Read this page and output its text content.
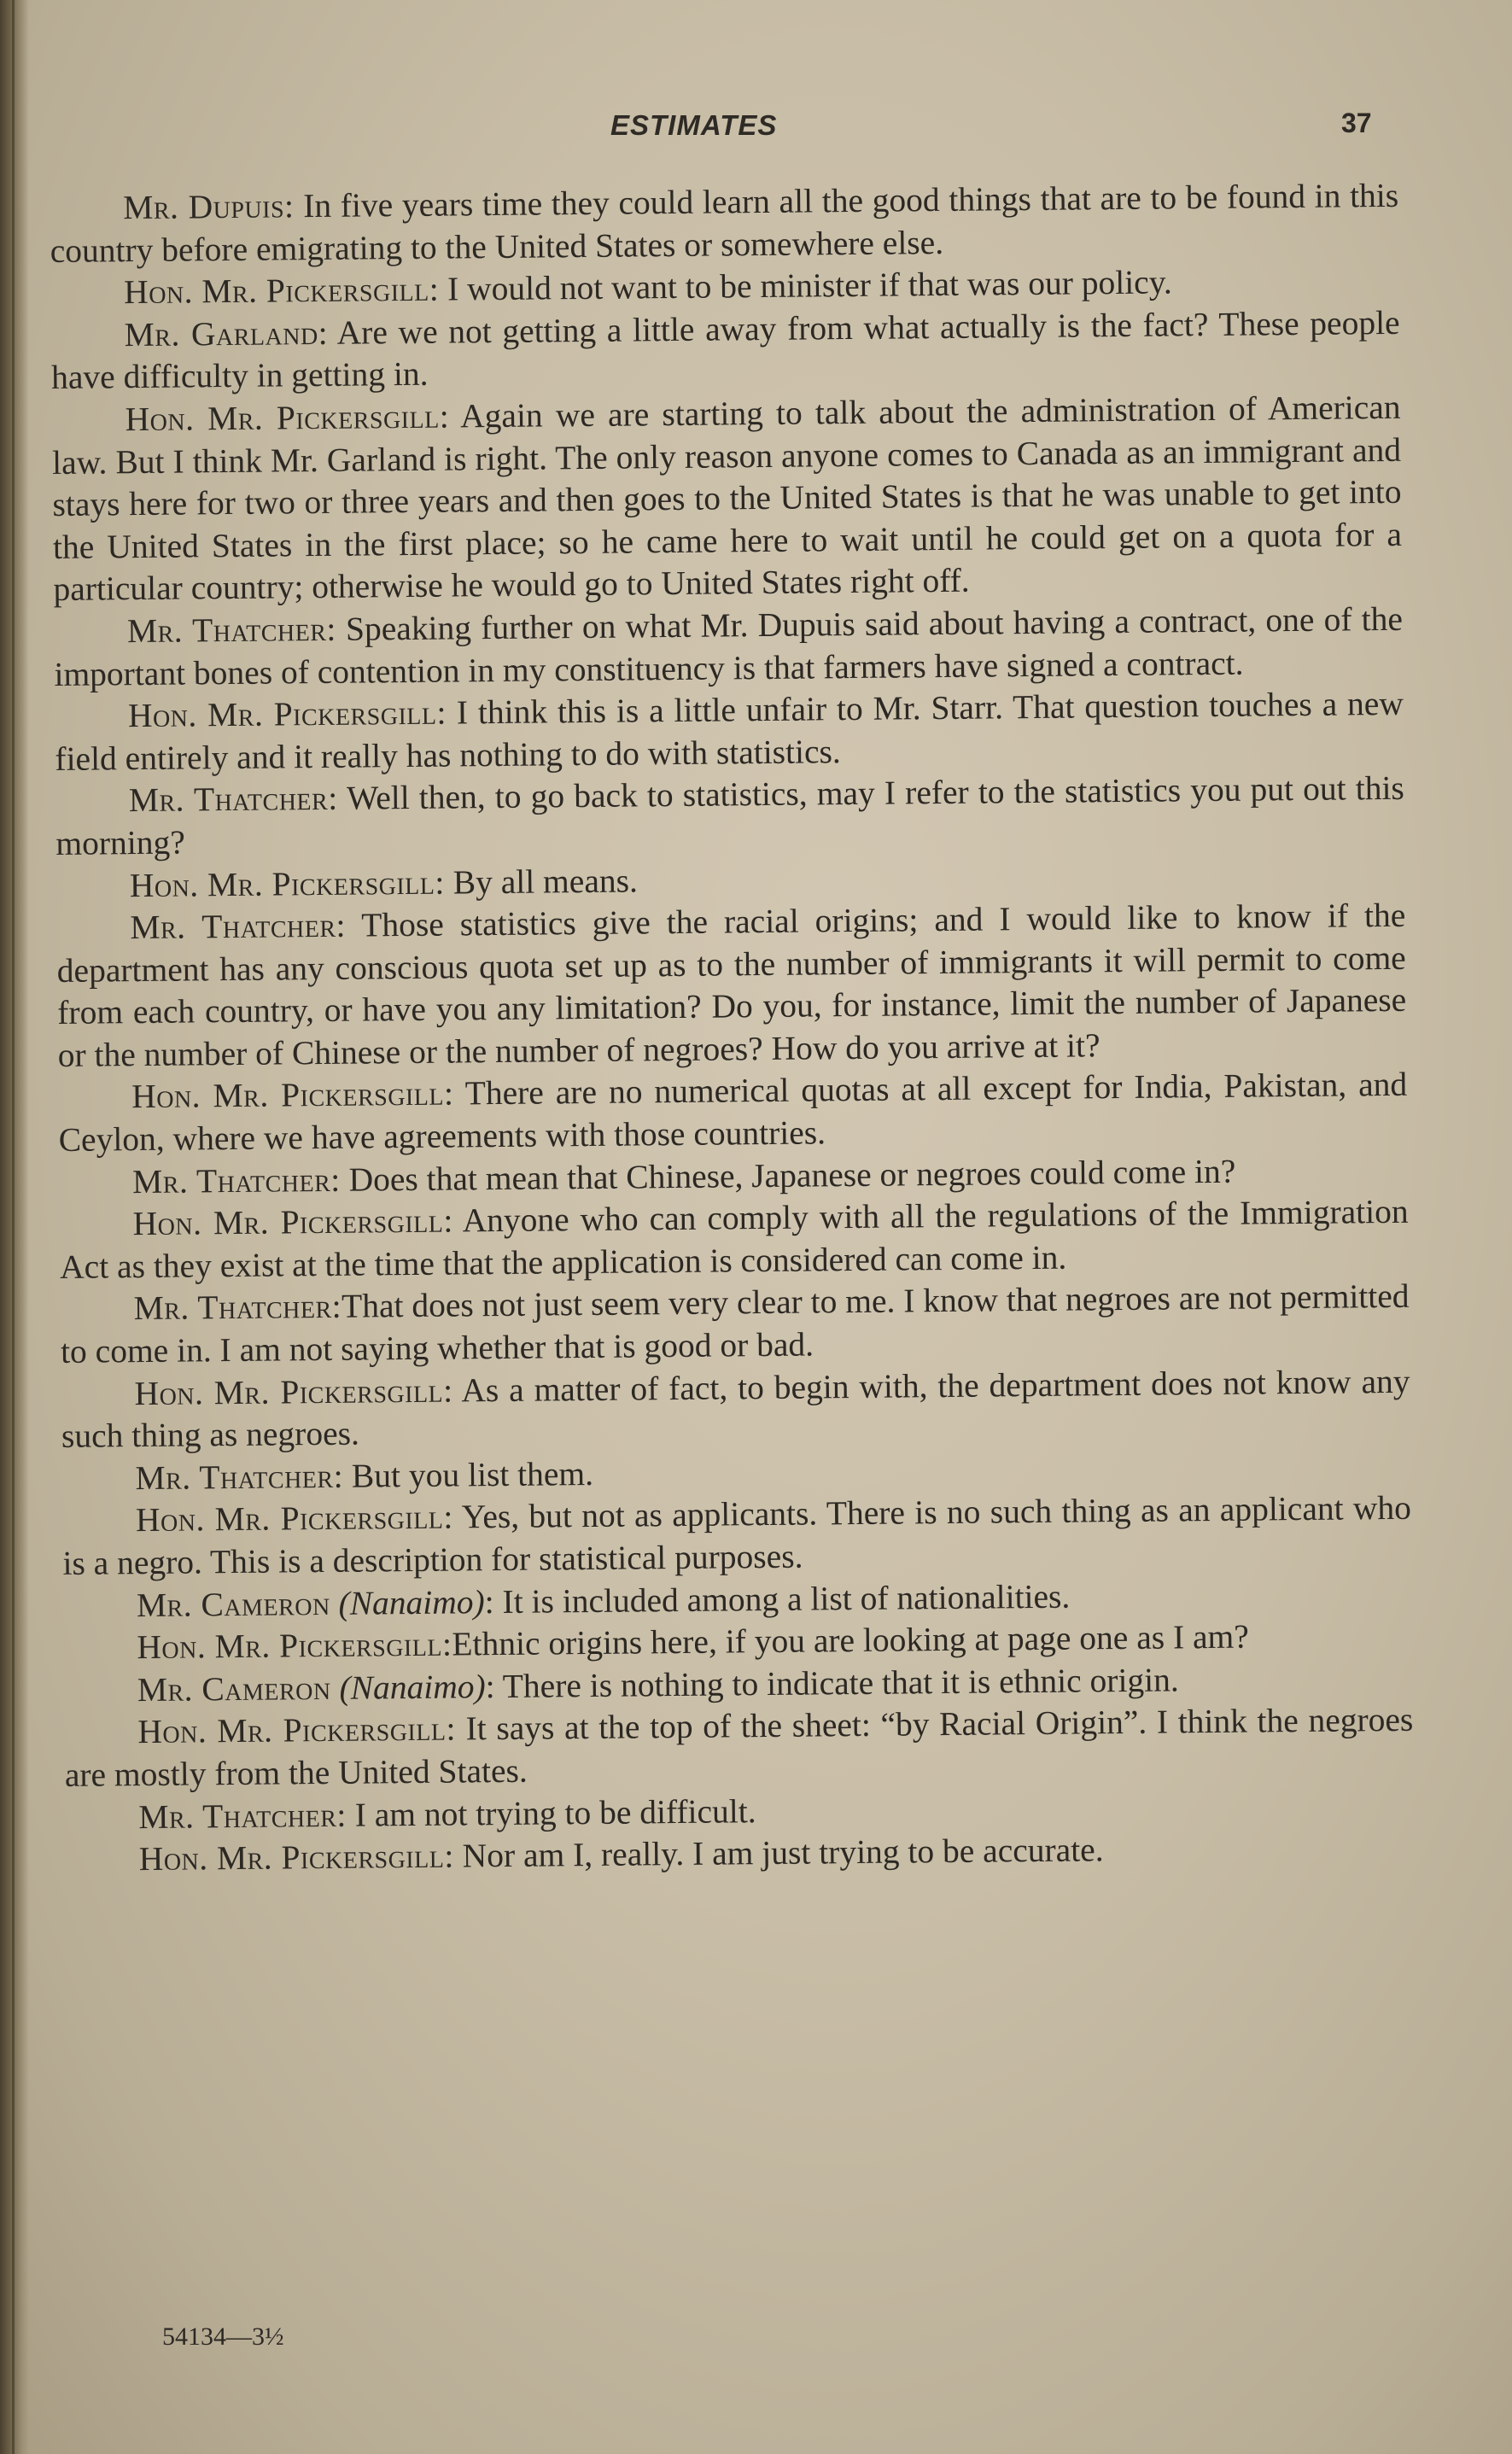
ESTIMATES	37

Mr. Dupuis: In five years time they could learn all the good things that are to be found in this country before emigrating to the United States or somewhere else.

Hon. Mr. Pickersgill: I would not want to be minister if that was our policy.

Mr. Garland: Are we not getting a little away from what actually is the fact? These people have difficulty in getting in.

Hon. Mr. Pickersgill: Again we are starting to talk about the administration of American law. But I think Mr. Garland is right. The only reason anyone comes to Canada as an immigrant and stays here for two or three years and then goes to the United States is that he was unable to get into the United States in the first place; so he came here to wait until he could get on a quota for a particular country; otherwise he would go to United States right off.

Mr. Thatcher: Speaking further on what Mr. Dupuis said about having a contract, one of the important bones of contention in my constituency is that farmers have signed a contract.

Hon. Mr. Pickersgill: I think this is a little unfair to Mr. Starr. That question touches a new field entirely and it really has nothing to do with statistics.

Mr. Thatcher: Well then, to go back to statistics, may I refer to the statistics you put out this morning?

Hon. Mr. Pickersgill: By all means.

Mr. Thatcher: Those statistics give the racial origins; and I would like to know if the department has any conscious quota set up as to the number of immigrants it will permit to come from each country, or have you any limitation? Do you, for instance, limit the number of Japanese or the number of Chinese or the number of negroes? How do you arrive at it?

Hon. Mr. Pickersgill: There are no numerical quotas at all except for India, Pakistan, and Ceylon, where we have agreements with those countries.

Mr. Thatcher: Does that mean that Chinese, Japanese or negroes could come in?

Hon. Mr. Pickersgill: Anyone who can comply with all the regulations of the Immigration Act as they exist at the time that the application is considered can come in.

Mr. Thatcher:That does not just seem very clear to me. I know that negroes are not permitted to come in. I am not saying whether that is good or bad.

Hon. Mr. Pickersgill: As a matter of fact, to begin with, the department does not know any such thing as negroes.

Mr. Thatcher: But you list them.

Hon. Mr. Pickersgill: Yes, but not as applicants. There is no such thing as an applicant who is a negro. This is a description for statistical purposes.

Mr. Cameron (Nanaimo): It is included among a list of nationalities.

Hon. Mr. Pickersgill:Ethnic origins here, if you are looking at page one as I am?

Mr. Cameron (Nanaimo): There is nothing to indicate that it is ethnic origin.

Hon. Mr. Pickersgill: It says at the top of the sheet: “by Racial Origin”. I think the negroes are mostly from the United States.

Mr. Thatcher: I am not trying to be difficult.

Hon. Mr. Pickersgill: Nor am I, really. I am just trying to be accurate.

54134—3½
